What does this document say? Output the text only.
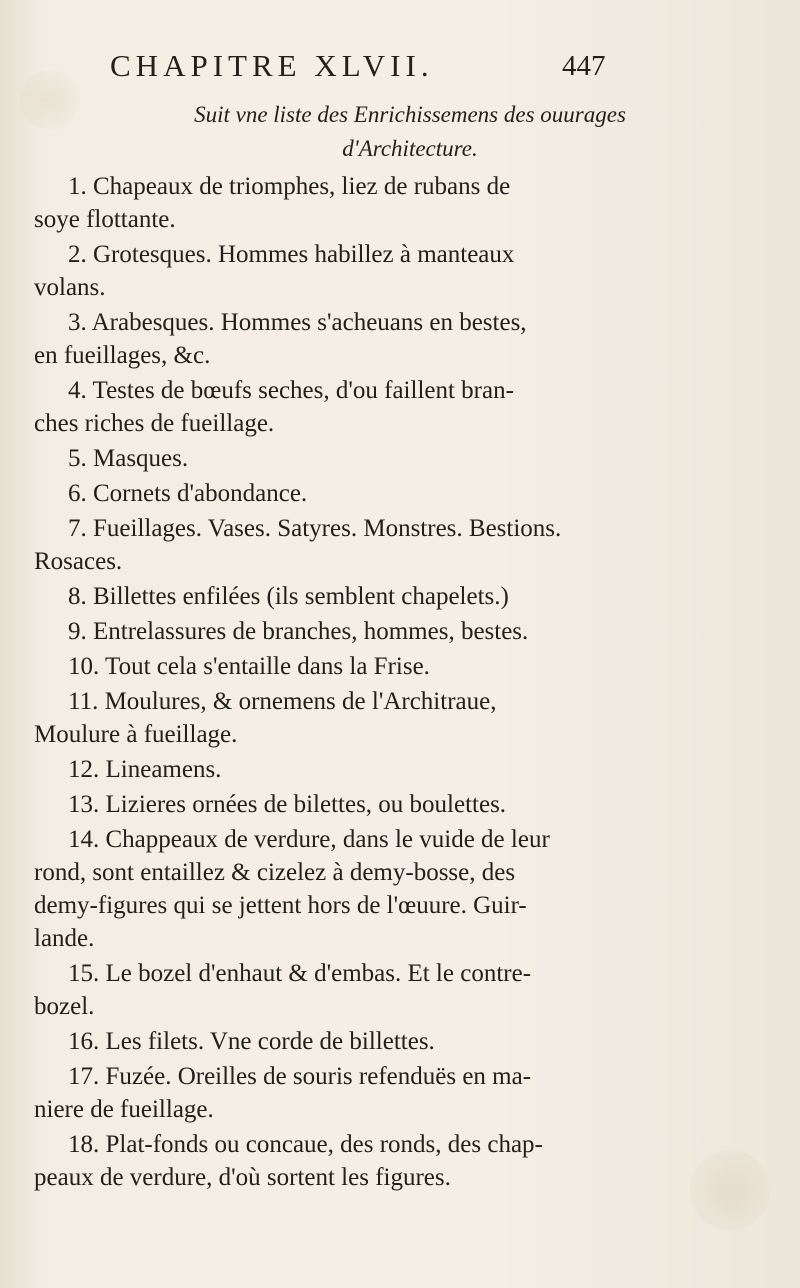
CHAPITRE XLVII.	447
Suit vne liste des Enrichissemens des ouurages
d'Architecture.
1. Chapeaux de triomphes, liez de rubans de
soye flottante.
2. Grotesques. Hommes habillez à manteaux
volans.
3. Arabesques. Hommes s'acheuans en bestes,
en fueillages, &c.
4. Testes de bœufs seches, d'ou faillent bran-
ches riches de fueillage.
5. Masques.
6. Cornets d'abondance.
7. Fueillages. Vases. Satyres. Monstres. Bestions.
Rosaces.
8. Billettes enfilées (ils semblent chapelets.)
9. Entrelassures de branches, hommes, bestes.
10. Tout cela s'entaille dans la Frise.
11. Moulures, & ornemens de l'Architraue,
Moulure à fueillage.
12. Lineamens.
13. Lizieres ornées de bilettes, ou boulettes.
14. Chappeaux de verdure, dans le vuide de leur
rond, sont entaillez & cizelez à demy-bosse, des
demy-figures qui se jettent hors de l'œuure. Guir-
lande.
15. Le bozel d'enhaut & d'embas. Et le contre-
bozel.
16. Les filets. Vne corde de billettes.
17. Fuzée. Oreilles de souris refenduës en ma-
niere de fueillage.
18. Plat-fonds ou concaue, des ronds, des chap-
peaux de verdure, d'où sortent les figures.
